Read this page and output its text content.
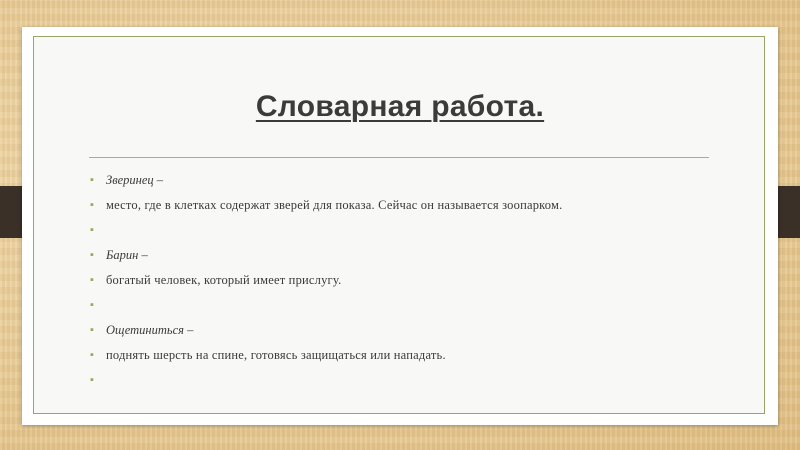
Словарная работа.
▪ Зверинец –
▪ место, где в клетках содержат зверей для показа. Сейчас он называется зоопарком.
▪
▪ Барин –
▪ богатый человек, который имеет прислугу.
▪
▪ Ощетиниться –
▪ поднять шерсть на спине, готовясь защищаться или нападать.
▪
